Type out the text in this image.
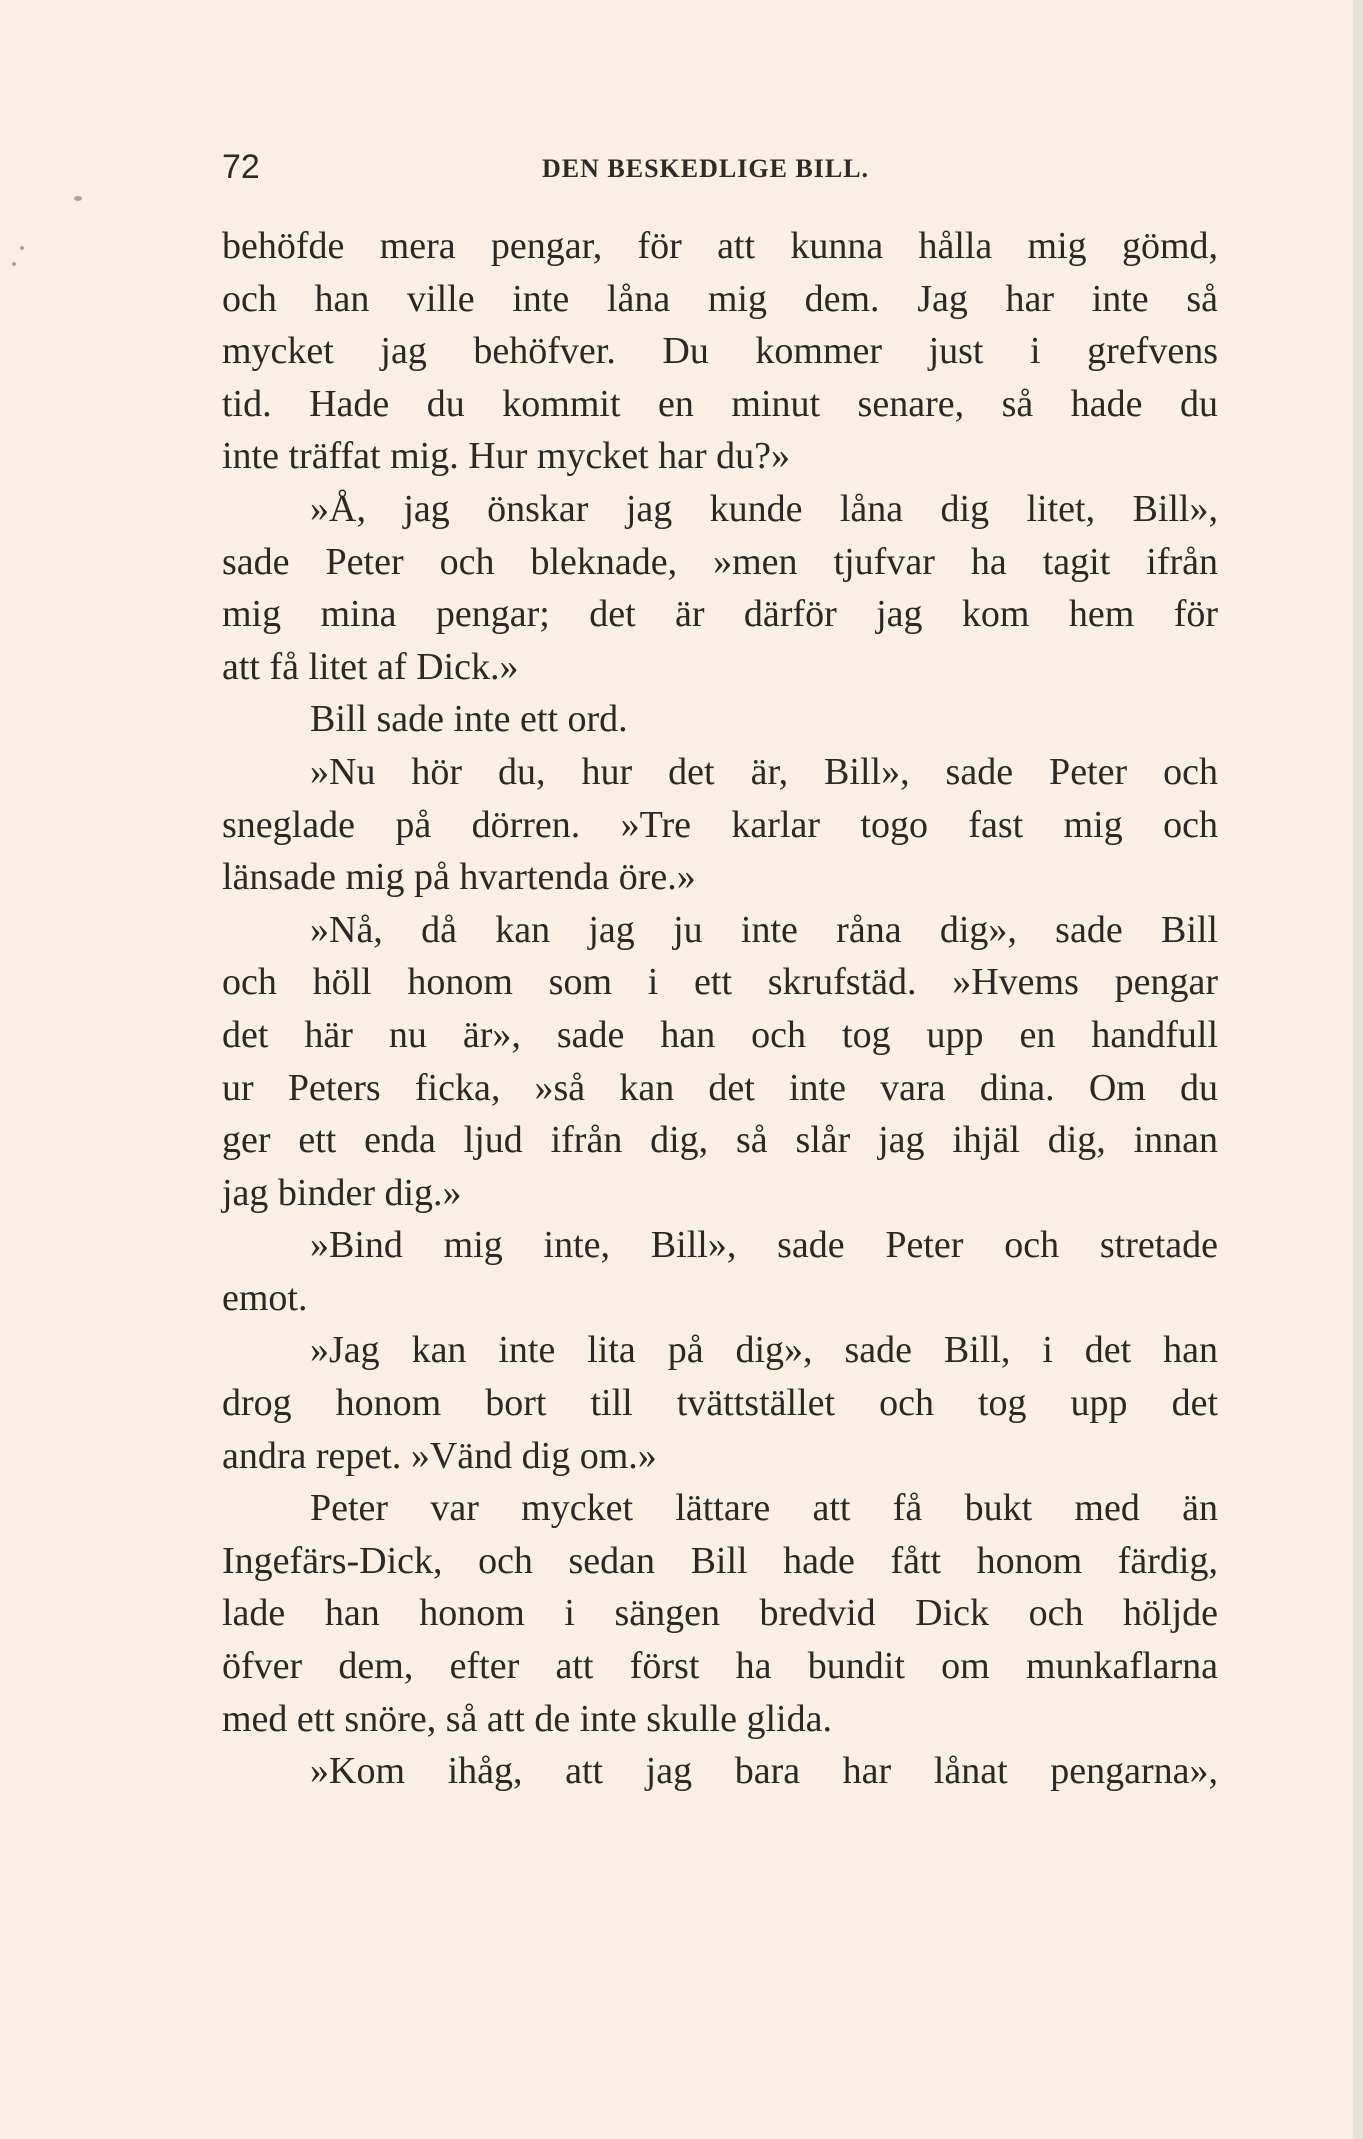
72	DEN BESKEDLIGE BILL.
behöfde mera pengar, för att kunna hålla mig gömd,
och han ville inte låna mig dem. Jag har inte så
mycket jag behöfver. Du kommer just i grefvens
tid. Hade du kommit en minut senare, så hade du
inte träffat mig. Hur mycket har du?»
»Å, jag önskar jag kunde låna dig litet, Bill»,
sade Peter och bleknade, »men tjufvar ha tagit ifrån
mig mina pengar; det är därför jag kom hem för
att få litet af Dick.»
Bill sade inte ett ord.
»Nu hör du, hur det är, Bill», sade Peter och
sneglade på dörren. »Tre karlar togo fast mig och
länsade mig på hvartenda öre.»
»Nå, då kan jag ju inte råna dig», sade Bill
och höll honom som i ett skrufstäd. »Hvems pengar
det här nu är», sade han och tog upp en handfull
ur Peters ficka, »så kan det inte vara dina. Om du
ger ett enda ljud ifrån dig, så slår jag ihjäl dig, innan
jag binder dig.»
»Bind mig inte, Bill», sade Peter och stretade
emot.
»Jag kan inte lita på dig», sade Bill, i det han
drog honom bort till tvättstället och tog upp det
andra repet. »Vänd dig om.»
Peter var mycket lättare att få bukt med än
Ingefärs-Dick, och sedan Bill hade fått honom färdig,
lade han honom i sängen bredvid Dick och höljde
öfver dem, efter att först ha bundit om munkaflarna
med ett snöre, så att de inte skulle glida.
»Kom ihåg, att jag bara har lånat pengarna»,
